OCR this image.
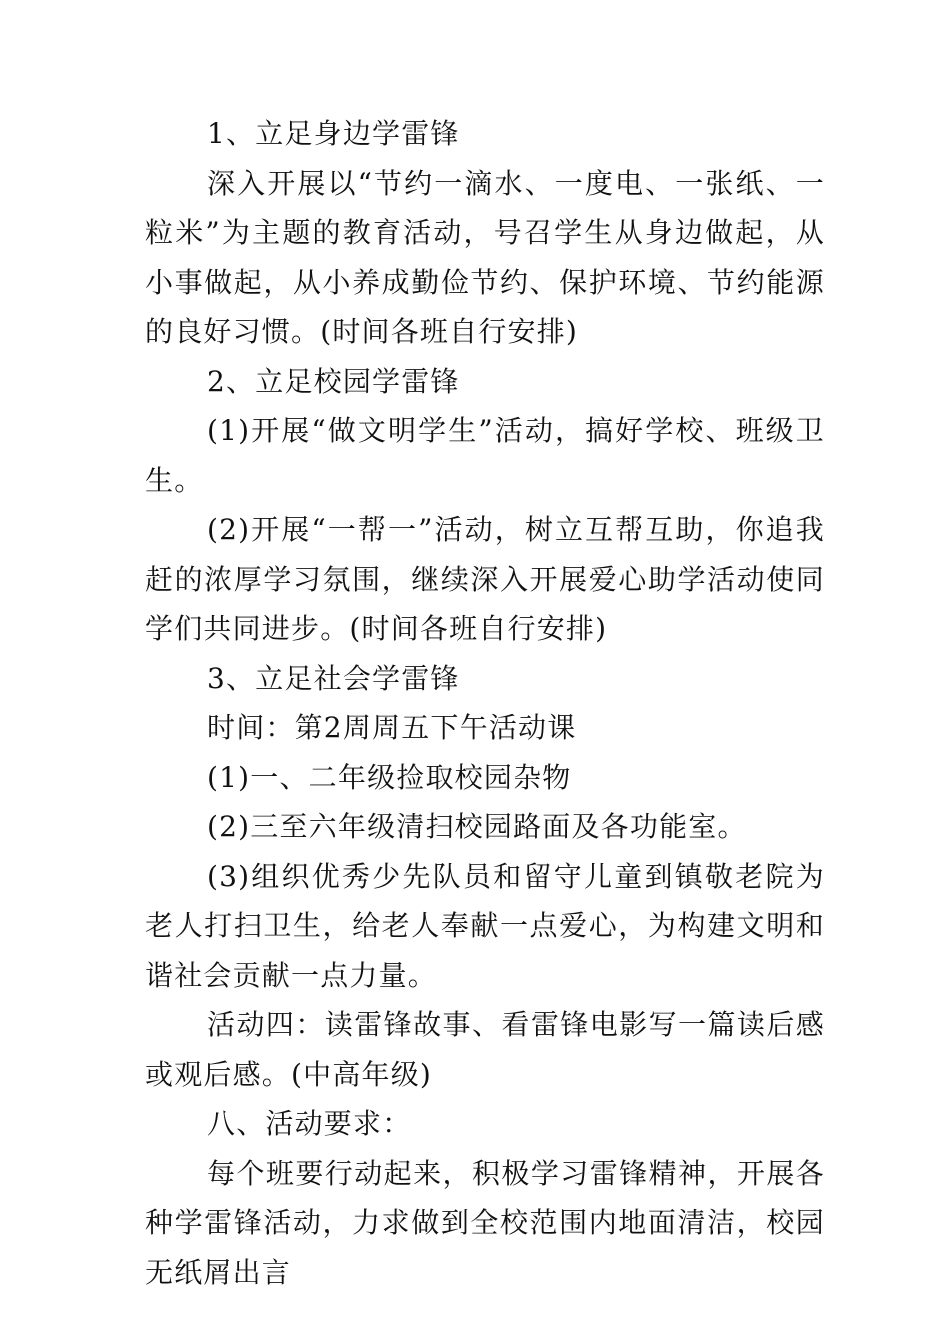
1、立足身边学雷锋

深入开展以“节约一滴水、一度电、一张纸、一粒米”为主题的教育活动，号召学生从身边做起，从小事做起，从小养成勤俭节约、保护环境、节约能源的良好习惯。(时间各班自行安排)

2、立足校园学雷锋

(1)开展“做文明学生”活动，搞好学校、班级卫生。

(2)开展“一帮一”活动，树立互帮互助，你追我赶的浓厚学习氛围，继续深入开展爱心助学活动使同学们共同进步。(时间各班自行安排)

3、立足社会学雷锋

时间：第2周周五下午活动课

(1)一、二年级捡取校园杂物

(2)三至六年级清扫校园路面及各功能室。

(3)组织优秀少先队员和留守儿童到镇敬老院为老人打扫卫生，给老人奉献一点爱心，为构建文明和谐社会贡献一点力量。

活动四：读雷锋故事、看雷锋电影写一篇读后感或观后感。(中高年级)

八、活动要求：

每个班要行动起来，积极学习雷锋精神，开展各种学雷锋活动，力求做到全校范围内地面清洁，校园无纸屑出言
